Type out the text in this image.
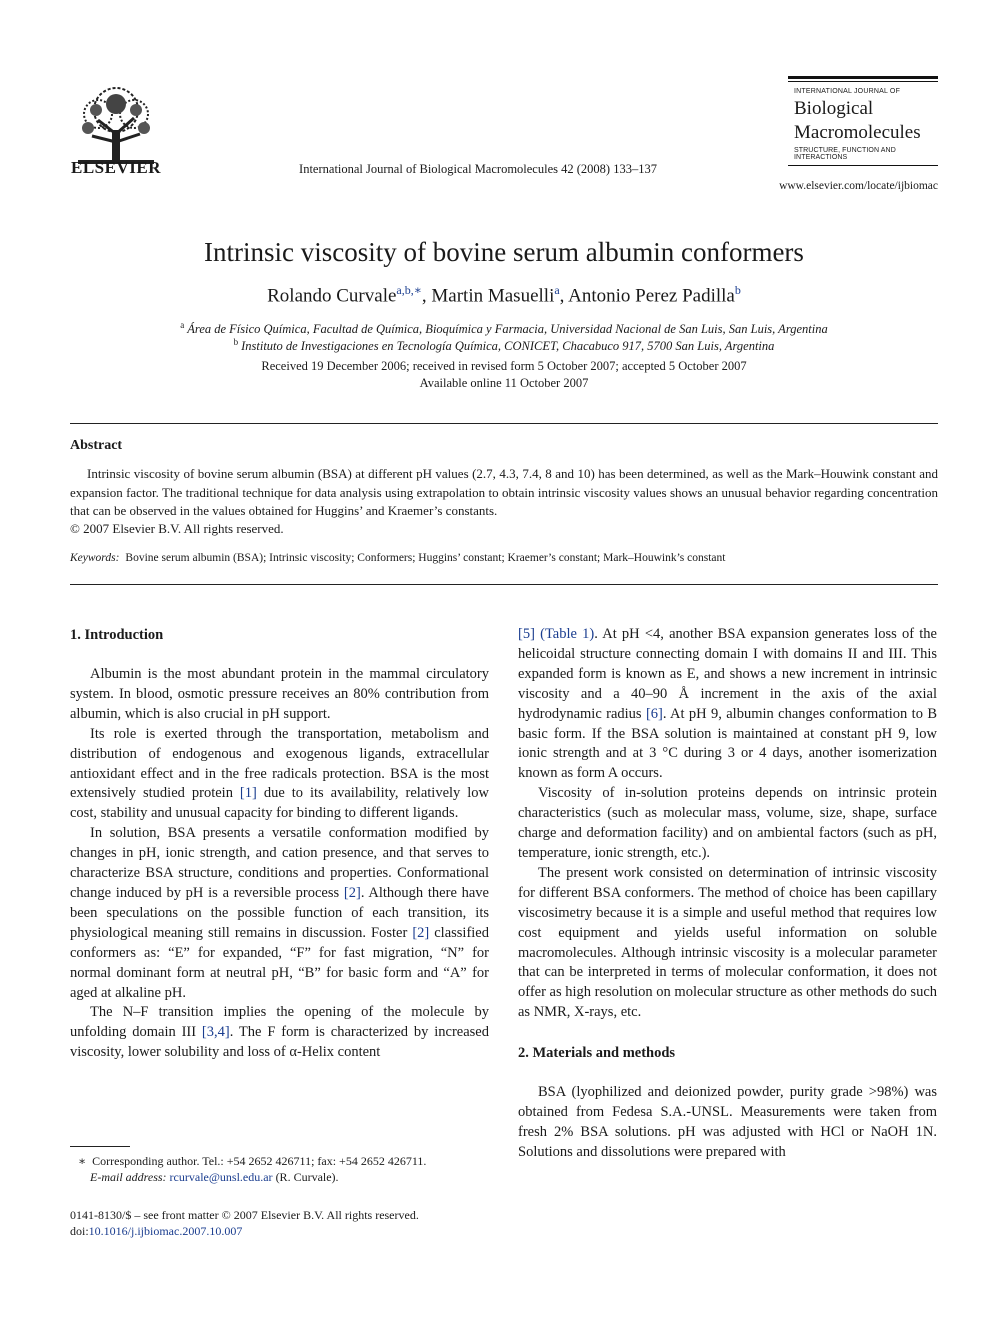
ELSEVIER	International Journal of Biological Macromolecules 42 (2008) 133–137
INTERNATIONAL JOURNAL OF
Biological
Macromolecules
STRUCTURE, FUNCTION AND INTERACTIONS
www.elsevier.com/locate/ijbiomac
Intrinsic viscosity of bovine serum albumin conformers
Rolando Curvale$^{a,b,∗}$, Martin Masuelli$^a$, Antonio Perez Padilla$^b$
$^a$ Área de Físico Química, Facultad de Química, Bioquímica y Farmacia, Universidad Nacional de San Luis, San Luis, Argentina
$^b$ Instituto de Investigaciones en Tecnología Química, CONICET, Chacabuco 917, 5700 San Luis, Argentina
Received 19 December 2006; received in revised form 5 October 2007; accepted 5 October 2007
Available online 11 October 2007
Abstract
Intrinsic viscosity of bovine serum albumin (BSA) at different pH values (2.7, 4.3, 7.4, 8 and 10) has been determined, as well as the Mark–Houwink constant and expansion factor. The traditional technique for data analysis using extrapolation to obtain intrinsic viscosity values shows an unusual behavior regarding concentration that can be observed in the values obtained for Huggins’ and Kraemer’s constants.
© 2007 Elsevier B.V. All rights reserved.
Keywords: Bovine serum albumin (BSA); Intrinsic viscosity; Conformers; Huggins’ constant; Kraemer’s constant; Mark–Houwink’s constant
1. Introduction

Albumin is the most abundant protein in the mammal circulatory system. In blood, osmotic pressure receives an 80% contribution from albumin, which is also crucial in pH support.

Its role is exerted through the transportation, metabolism and distribution of endogenous and exogenous ligands, extracellular antioxidant effect and in the free radicals protection. BSA is the most extensively studied protein [1] due to its availability, relatively low cost, stability and unusual capacity for binding to different ligands.

In solution, BSA presents a versatile conformation modified by changes in pH, ionic strength, and cation presence, and that serves to characterize BSA structure, conditions and properties. Conformational change induced by pH is a reversible process [2]. Although there have been speculations on the possible function of each transition, its physiological meaning still remains in discussion. Foster [2] classified conformers as: “E” for expanded, “F” for fast migration, “N” for normal dominant form at neutral pH, “B” for basic form and “A” for aged at alkaline pH.

The N–F transition implies the opening of the molecule by unfolding domain III [3,4]. The F form is characterized by increased viscosity, lower solubility and loss of α-Helix content

[5] (Table 1). At pH <4, another BSA expansion generates loss of the helicoidal structure connecting domain I with domains II and III. This expanded form is known as E, and shows a new increment in intrinsic viscosity and a 40–90 Å increment in the axis of the axial hydrodynamic radius [6]. At pH 9, albumin changes conformation to B basic form. If the BSA solution is maintained at constant pH 9, low ionic strength and at 3 °C during 3 or 4 days, another isomerization known as form A occurs.

Viscosity of in-solution proteins depends on intrinsic protein characteristics (such as molecular mass, volume, size, shape, surface charge and deformation facility) and on ambiental factors (such as pH, temperature, ionic strength, etc.).

The present work consisted on determination of intrinsic viscosity for different BSA conformers. The method of choice has been capillary viscosimetry because it is a simple and useful method that requires low cost equipment and yields useful information on soluble macromolecules. Although intrinsic viscosity is a molecular parameter that can be interpreted in terms of molecular conformation, it does not offer as high resolution on molecular structure as other methods do such as NMR, X-rays, etc.

2. Materials and methods

BSA (lyophilized and deionized powder, purity grade >98%) was obtained from Fedesa S.A.-UNSL. Measurements were taken from fresh 2% BSA solutions. pH was adjusted with HCl or NaOH 1N. Solutions and dissolutions were prepared with

∗ Corresponding author. Tel.: +54 2652 426711; fax: +54 2652 426711.
E-mail address: rcurvale@unsl.edu.ar (R. Curvale).
0141-8130/$ – see front matter © 2007 Elsevier B.V. All rights reserved.
doi:10.1016/j.ijbiomac.2007.10.007
